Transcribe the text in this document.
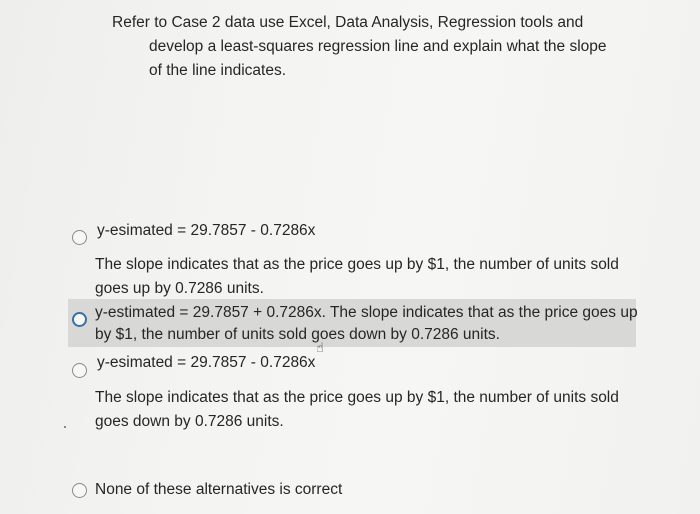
Refer to Case 2 data use Excel, Data Analysis, Regression tools and
develop a least-squares regression line and explain what the slope
of the line indicates.
y-esimated = 29.7857 - 0.7286x
The slope indicates that as the price goes up by $1, the number of units sold
goes up by 0.7286 units.
y-estimated = 29.7857 + 0.7286x. The slope indicates that as the price goes up
by $1, the number of units sold goes down by 0.7286 units.
☝
y-esimated = 29.7857 - 0.7286x
The slope indicates that as the price goes up by $1, the number of units sold
goes down by 0.7286 units.
None of these alternatives is correct
